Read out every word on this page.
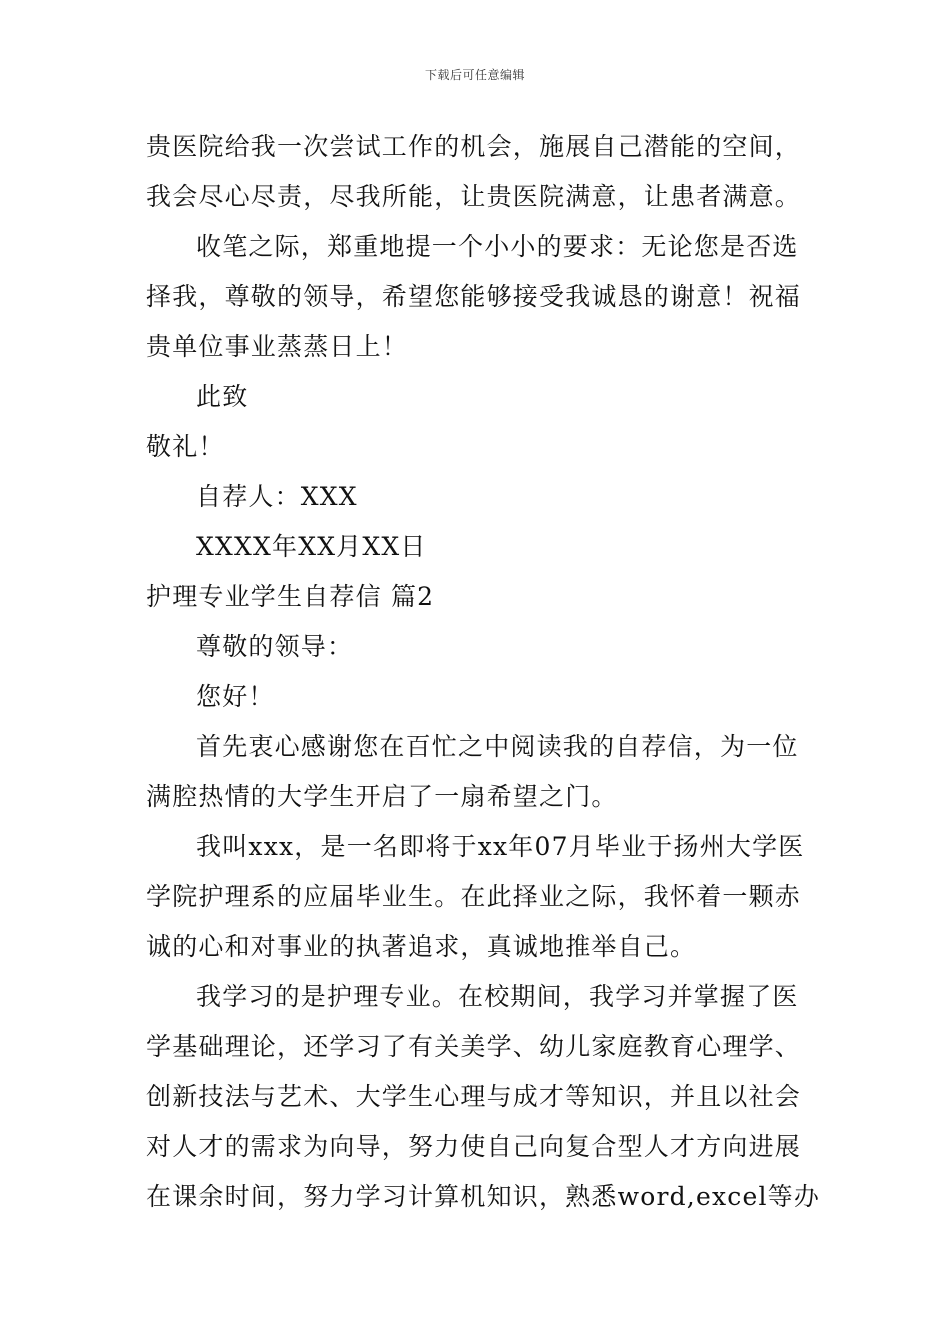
下载后可任意编辑
贵医院给我一次尝试工作的机会，施展自己潜能的空间，
我会尽心尽责，尽我所能，让贵医院满意，让患者满意。
收笔之际，郑重地提一个小小的要求：无论您是否选
择我，尊敬的领导，希望您能够接受我诚恳的谢意！祝福
贵单位事业蒸蒸日上！
此致
敬礼！
自荐人：XXX
XXXX年XX月XX日
护理专业学生自荐信 篇2
尊敬的领导：
您好！
首先衷心感谢您在百忙之中阅读我的自荐信，为一位
满腔热情的大学生开启了一扇希望之门。
我叫xxx，是一名即将于xx年07月毕业于扬州大学医
学院护理系的应届毕业生。在此择业之际，我怀着一颗赤
诚的心和对事业的执著追求，真诚地推举自己。
我学习的是护理专业。在校期间，我学习并掌握了医
学基础理论，还学习了有关美学、幼儿家庭教育心理学、
创新技法与艺术、大学生心理与成才等知识，并且以社会
对人才的需求为向导，努力使自己向复合型人才方向进展
在课余时间，努力学习计算机知识，熟悉word,excel等办
